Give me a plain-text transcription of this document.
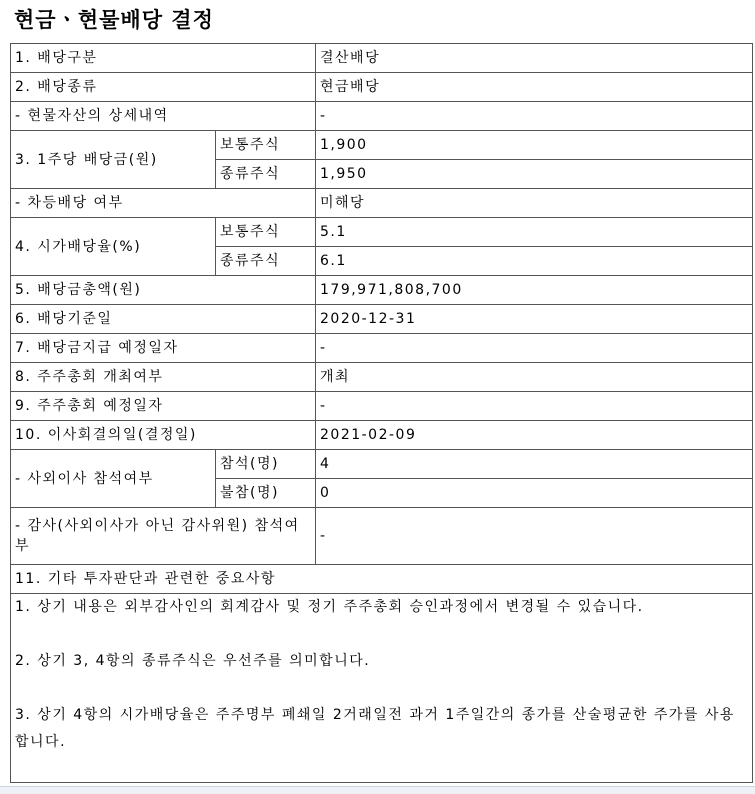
현금ㆍ현물배당 결정
1. 배당구분		결산배당
2. 배당종류		현금배당
- 현물자산의 상세내역		-
3. 1주당 배당금(원)	보통주식	1,900
	종류주식	1,950
- 차등배당 여부		미해당
4. 시가배당율(%)	보통주식	5.1
	종류주식	6.1
5. 배당금총액(원)		179,971,808,700
6. 배당기준일		2020-12-31
7. 배당금지급 예정일자		-
8. 주주총회 개최여부		개최
9. 주주총회 예정일자		-
10. 이사회결의일(결정일)		2021-02-09
- 사외이사 참석여부	참석(명)	4
	불참(명)	0
- 감사(사외이사가 아닌 감사위원) 참석여부		-
11. 기타 투자판단과 관련한 중요사항		
1. 상기 내용은 외부감사인의 회계감사 및 정기 주주총회 승인과정에서 변경될 수 있습니다.

2. 상기 3, 4항의 종류주식은 우선주를 의미합니다.

3. 상기 4항의 시가배당율은 주주명부 폐쇄일 2거래일전 과거 1주일간의 종가를 산술평균한 주가를 사용합니다.		
